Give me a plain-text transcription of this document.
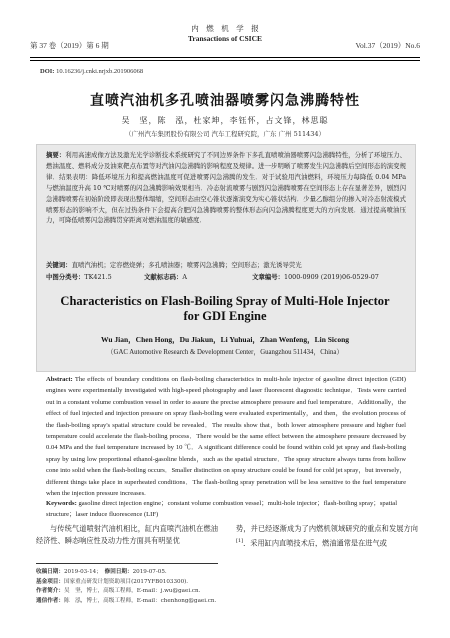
第 37 卷（2019）第 6 期
内　燃　机　学　报
Transactions of CSICE
Vol.37（2019）No.6
DOI: 10.16236/j.cnki.nrjxb.201906068
直喷汽油机多孔喷油器喷雾闪急沸腾特性
吴　坚，陈　泓，杜家坤，李钰怀，占文锋，林思聪
（广州汽车集团股份有限公司 汽车工程研究院，广东 广州 511434）
摘要：利用高速成像方法及激光光学诊断技术系统研究了不同边界条件下多孔直喷喷油器喷雾闪急沸腾特性，分析了环境压力、燃油温度、燃料成分及油束靶点布置等对汽油闪急沸腾的影响程度及规律。进一步明晰了喷雾发生闪急沸腾后空间形态的演变规律．结果表明：降低环境压力和提高燃油温度可促进喷雾闪急沸腾的发生．对于试验用汽油燃料，环境压力每降低 0.04 MPa 与燃油温度升高 10 ℃对喷雾的闪急沸腾影响效果相当．冷态射流喷雾与剧烈闪急沸腾喷雾在空间形态上存在显著差异，剧烈闪急沸腾喷雾在初始阶段即表现出整体塌缩，空间形态由空心锥状逐渐演变为实心锥状结构．少量乙醇组分的掺入对冷态射流模式喷雾形态的影响不大，但在过热条件下会提高合肥闪急沸腾喷雾的整体形态向闪急沸腾程度更大的方向发展．通过提高喷油压力，可降低喷雾闪急沸腾贯穿距离对燃油温度的敏感度．
关键词：直喷汽油机；定容燃烧弹；多孔喷油器；喷雾闪急沸腾；空间形态；激光诱导荧光
中图分类号：TK421.5	文献标志码：A	文章编号：1000-0909 (2019)06-0529-07
Characteristics on Flash-Boiling Spray of Multi-Hole Injector
for GDI Engine
Wu Jian，Chen Hong，Du Jiakun，Li Yuhuai，Zhan Wenfeng，Lin Sicong
（GAC Automotive Research & Development Center，Guangzhou 511434，China）
Abstract: The effects of boundary conditions on flash-boiling characteristics in multi-hole injector of gasoline direct injection (GDI) engines were experimentally investigated with high-speed photography and laser fluorescent diagnostic technique．Tests were carried out in a constant volume combustion vessel in order to assure the precise atmosphere pressure and fuel temperature．Additionally，the effect of fuel injected and injection pressure on spray flash-boiling were evaluated experimentally，and then，the evolution process of the flash-boiling spray's spatial structure could be revealed．The results show that，both lower atmosphere pressure and higher fuel temperature could accelerate the flash-boiling process．There would be the same effect between the atmosphere pressure decreased by 0.04 MPa and the fuel temperature increased by 10 ℃．A significant difference could be found within cold jet spray and flash-boiling spray by using low proportional ethanol-gasoline blends，such as the spatial structure．The spray structure always turns from hollow cone into solid when the flash-boiling occurs．Smaller distinction on spray structure could be found for cold jet spray，but inversely，different things take place in superheated conditions．The flash-boiling spray penetration will be less sensitive to the fuel temperature when the injection pressure increases.
Keywords: gasoline direct injection engine；constant volume combustion vessel；multi-hole injector；flash-boiling spray；spatial structure；laser induce fluorescence (LIF)
与传统气道喷射汽油机相比，缸内直喷汽油机在燃油经济性、瞬态响应性及动力性方面具有明显优
势，并已经逐渐成为了内燃机领域研究的重点和发展方向[1]．采用缸内直喷技术后，燃油通常是在进气或
收稿日期：2019-03-14；　 修回日期：2019-07-05.
基金项目：国家重点研发计划资助项目(2017YFB0103300).
作者简介：吴　坚，博士，高级工程师，E-mail：j.wu@gaei.cn.
通信作者：陈　泓，博士，高级工程师，E-mail：chenhong@gaei.cn.
